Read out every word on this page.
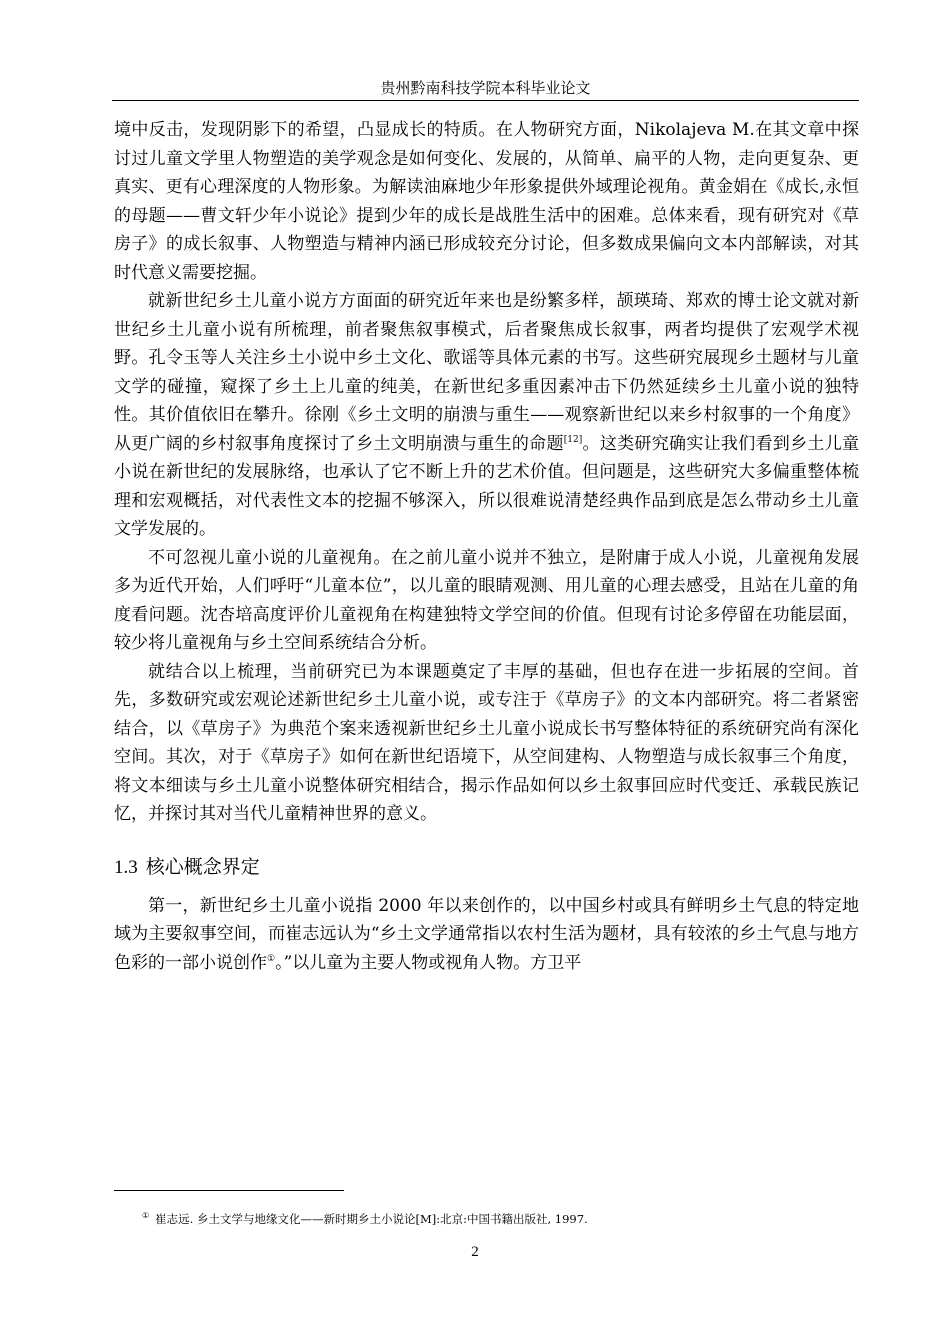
贵州黔南科技学院本科毕业论文

境中反击，发现阴影下的希望，凸显成长的特质。在人物研究方面，Nikolajeva M.在其文章中探讨过儿童文学里人物塑造的美学观念是如何变化、发展的，从简单、扁平的人物，走向更复杂、更真实、更有心理深度的人物形象。为解读油麻地少年形象提供外域理论视角。黄金娟在《成长,永恒的母题——曹文轩少年小说论》提到少年的成长是战胜生活中的困难。总体来看，现有研究对《草房子》的成长叙事、人物塑造与精神内涵已形成较充分讨论，但多数成果偏向文本内部解读，对其时代意义需要挖掘。

就新世纪乡土儿童小说方方面面的研究近年来也是纷繁多样，颉瑛琦、郑欢的博士论文就对新世纪乡土儿童小说有所梳理，前者聚焦叙事模式，后者聚焦成长叙事，两者均提供了宏观学术视野。孔令玉等人关注乡土小说中乡土文化、歌谣等具体元素的书写。这些研究展现乡土题材与儿童文学的碰撞，窥探了乡土上儿童的纯美，在新世纪多重因素冲击下仍然延续乡土儿童小说的独特性。其价值依旧在攀升。徐刚《乡土文明的崩溃与重生——观察新世纪以来乡村叙事的一个角度》从更广阔的乡村叙事角度探讨了乡土文明崩溃与重生的命题[12]。这类研究确实让我们看到乡土儿童小说在新世纪的发展脉络，也承认了它不断上升的艺术价值。但问题是，这些研究大多偏重整体梳理和宏观概括，对代表性文本的挖掘不够深入，所以很难说清楚经典作品到底是怎么带动乡土儿童文学发展的。

不可忽视儿童小说的儿童视角。在之前儿童小说并不独立，是附庸于成人小说，儿童视角发展多为近代开始，人们呼吁“儿童本位”，以儿童的眼睛观测、用儿童的心理去感受，且站在儿童的角度看问题。沈杏培高度评价儿童视角在构建独特文学空间的价值。但现有讨论多停留在功能层面，较少将儿童视角与乡土空间系统结合分析。

就结合以上梳理，当前研究已为本课题奠定了丰厚的基础，但也存在进一步拓展的空间。首先，多数研究或宏观论述新世纪乡土儿童小说，或专注于《草房子》的文本内部研究。将二者紧密结合，以《草房子》为典范个案来透视新世纪乡土儿童小说成长书写整体特征的系统研究尚有深化空间。其次，对于《草房子》如何在新世纪语境下，从空间建构、人物塑造与成长叙事三个角度，将文本细读与乡土儿童小说整体研究相结合，揭示作品如何以乡土叙事回应时代变迁、承载民族记忆，并探讨其对当代儿童精神世界的意义。

1.3 核心概念界定

第一，新世纪乡土儿童小说指 2000 年以来创作的，以中国乡村或具有鲜明乡土气息的特定地域为主要叙事空间，而崔志远认为“乡土文学通常指以农村生活为题材，具有较浓的乡土气息与地方色彩的一部小说创作①。”以儿童为主要人物或视角人物。方卫平

① 崔志远. 乡土文学与地缘文化——新时期乡土小说论[M]:北京:中国书籍出版社, 1997.
2
